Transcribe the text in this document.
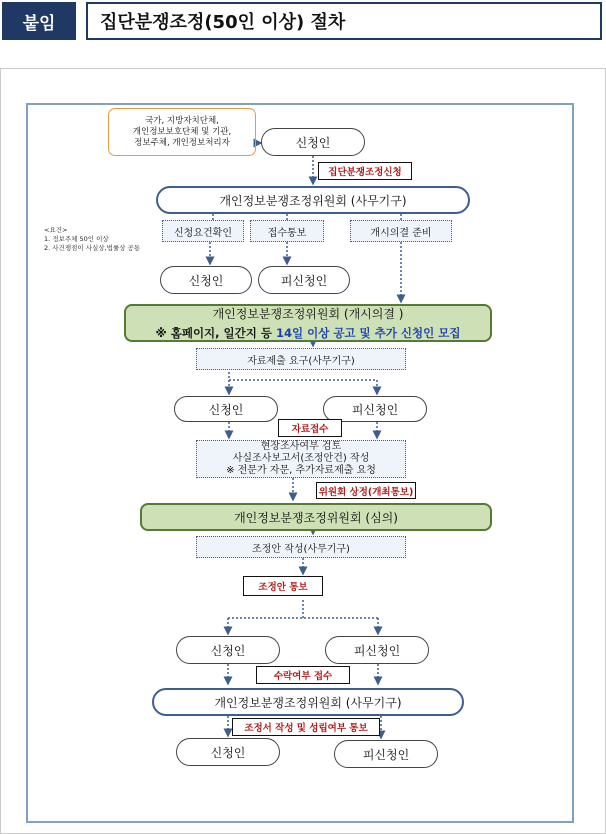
붙임	집단분쟁조정(50인 이상) 절차
국가, 지방자치단체,
개인정보보호단체 및 기관,
정보주체, 개인정보처리자	신청인
집단분쟁조정신청
개인정보분쟁조정위원회 (사무기구)
<요건>
1. 정보주체 50인 이상
2. 사건쟁점이 사실상,법률상 공통
신청요건확인	접수통보	개시의결 준비
신청인	피신청인
개인정보분쟁조정위원회 (개시의결 )
※ 홈페이지, 일간지 등 14일 이상 공고 및 추가 신청인 모집
자료제출 요구(사무기구)
신청인	피신청인
현장조사여부 검토
사실조사보고서(조정안건) 작성
※ 전문가 자문, 추가자료제출 요청
자료접수
위원회 상정(개최통보)
개인정보분쟁조정위원회 (심의)
조정안 작성(사무기구)
조정안 통보
신청인	피신청인
수락여부 접수
개인정보분쟁조정위원회 (사무기구)
조정서 작성 및 성립여부 통보
신청인	피신청인
